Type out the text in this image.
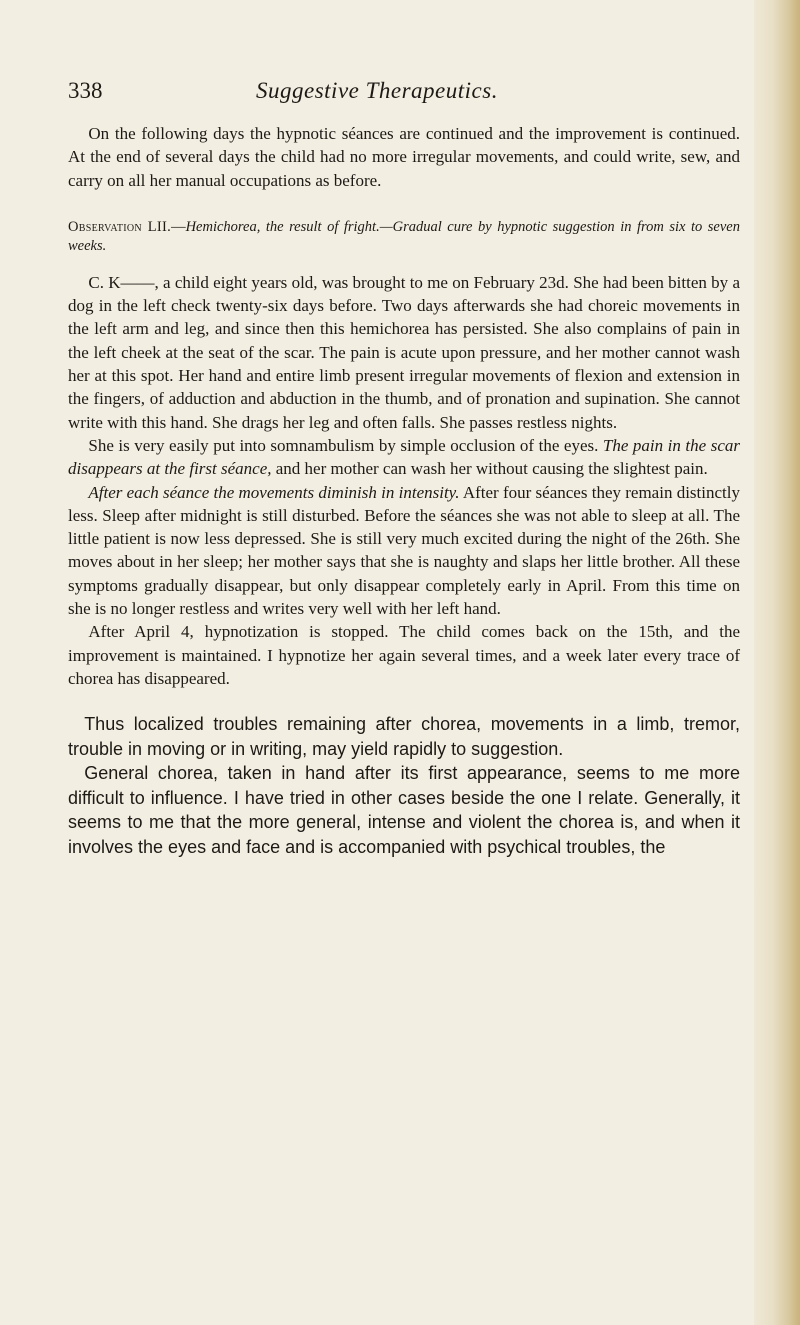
338	Suggestive Therapeutics.

On the following days the hypnotic séances are continued and the improvement is continued. At the end of several days the child had no more irregular movements, and could write, sew, and carry on all her manual occupations as before.

Observation LII.—Hemichorea, the result of fright.—Gradual cure by hypnotic suggestion in from six to seven weeks.

C. K——, a child eight years old, was brought to me on February 23d. She had been bitten by a dog in the left check twenty-six days before. Two days afterwards she had choreic movements in the left arm and leg, and since then this hemichorea has persisted. She also complains of pain in the left cheek at the seat of the scar. The pain is acute upon pressure, and her mother cannot wash her at this spot. Her hand and entire limb present irregular movements of flexion and extension in the fingers, of adduction and abduction in the thumb, and of pronation and supination. She cannot write with this hand. She drags her leg and often falls. She passes restless nights.

She is very easily put into somnambulism by simple occlusion of the eyes. The pain in the scar disappears at the first séance, and her mother can wash her without causing the slightest pain.

After each séance the movements diminish in intensity. After four séances they remain distinctly less. Sleep after midnight is still disturbed. Before the séances she was not able to sleep at all. The little patient is now less depressed. She is still very much excited during the night of the 26th. She moves about in her sleep; her mother says that she is naughty and slaps her little brother. All these symptoms gradually disappear, but only disappear completely early in April. From this time on she is no longer restless and writes very well with her left hand.

After April 4, hypnotization is stopped. The child comes back on the 15th, and the improvement is maintained. I hypnotize her again several times, and a week later every trace of chorea has disappeared.

Thus localized troubles remaining after chorea, movements in a limb, tremor, trouble in moving or in writing, may yield rapidly to suggestion.

General chorea, taken in hand after its first appearance, seems to me more difficult to influence. I have tried in other cases beside the one I relate. Generally, it seems to me that the more general, intense and violent the chorea is, and when it involves the eyes and face and is accompanied with psychical troubles, the
